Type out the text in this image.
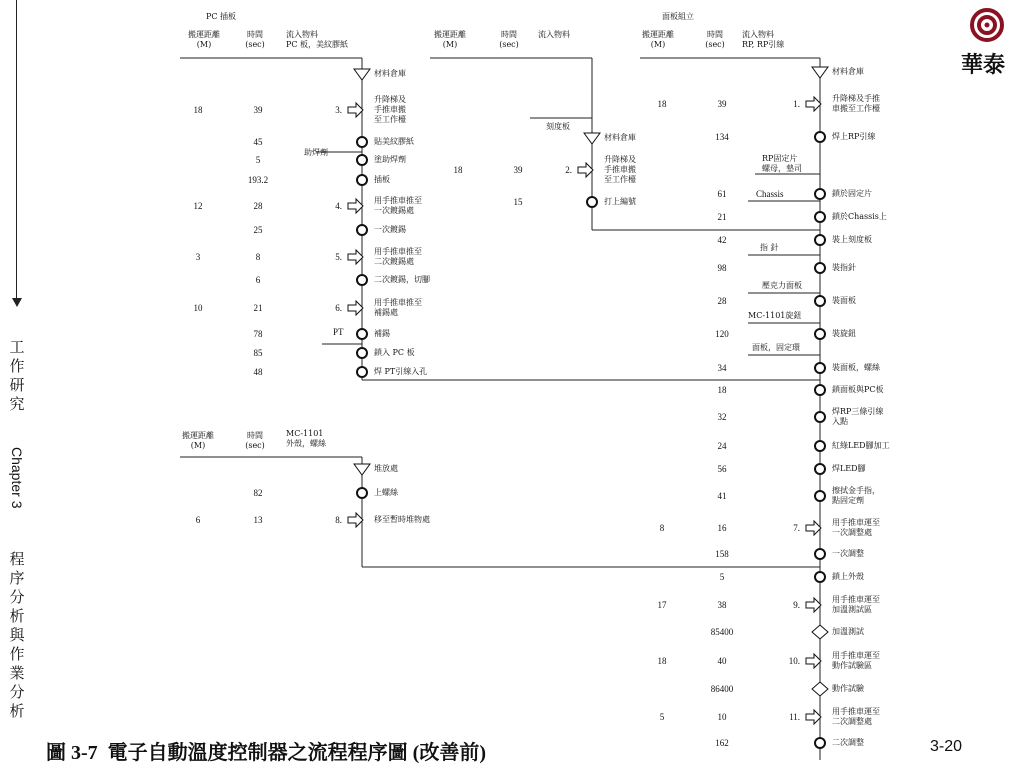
工作研究
Chapter 3
程序分析與作業分析
華泰
PC 插板
搬運距離
(M)
時間
(sec)
流入物料
PC 板，美紋膠紙
助焊劑
PT
材料倉庫
升降梯及
手推車搬
至工作檯
3.
18	39
貼美紋膠紙
45
塗助焊劑
5
插板
193.2
用手推車推至
一次鍍錫處
4.
12	28
一次鍍錫
25
用手推車推至
二次鍍錫處
5.
3	8
二次鍍錫，切腳
6
用手推車推至
補錫處
6.
10	21
補錫
78
鎖入 PC 板
85
焊 PT引線入孔
48
搬運距離
(M)
時間
(sec)
MC-1101
外殼，螺絲
堆放處
上螺絲
82
移至暫時堆物處
8.
6	13
搬運距離
(M)
時間
(sec)
流入物料
刻度板
材料倉庫
升降梯及
手推車搬
至工作檯
2.
18	39
打上編號
15
面板組立
搬運距離
(M)
時間
(sec)
流入物料
RP, RP引線
RP固定片
螺母，墊司
Chassis
指 針
壓克力面板
MC-1101旋鈕
面板，固定環
材料倉庫
升降梯及手推
車搬至工作檯
1.
18	39
焊上RP引線
134
鎖於固定片
61
鎖於Chassis上
21
裝上刻度板
42
裝指針
98
裝面板
28
裝旋鈕
120
裝面板，螺絲
34
鎖面板與PC板
18
焊RP三條引線
入點
32
紅綠LED腳加工
24
焊LED腳
56
擦拭金手指，
點固定劑
41
用手推車運至
一次調整處
7.
8	16
一次調整
158
鎖上外殼
5
用手推車運至
加溫測試區
9.
17	38
加溫測試
85400
用手推車運至
動作試驗區
10.
18	40
動作試驗
86400
用手推車運至
二次調整處
11.
5	10
二次調整
162
圖 3-7  電子自動溫度控制器之流程程序圖 (改善前)	3-20
